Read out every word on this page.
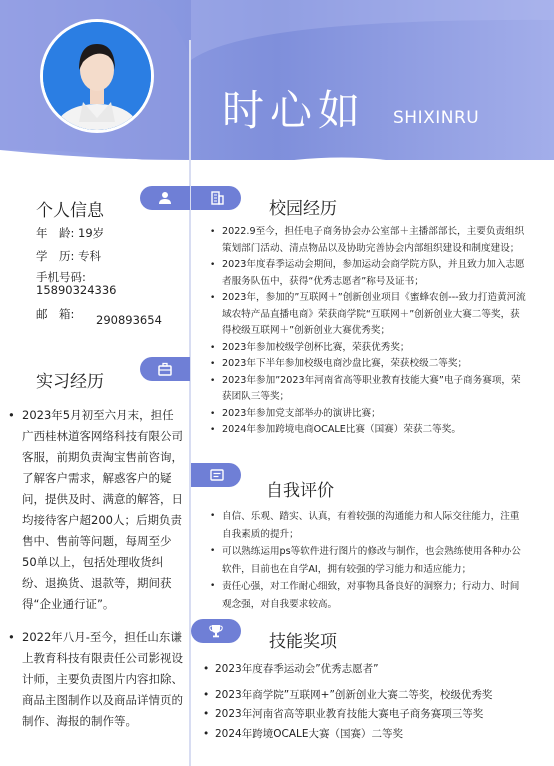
时心如 SHIXINRU
个人信息
年　龄: 19岁
学　历: 专科
手机号码:
15890324336
邮　箱: 290893654
实习经历
• 2023年5月初至六月末，担任广西桂林道客网络科技有限公司客服，前期负责淘宝售前咨询，了解客户需求，解惑客户的疑问，提供及时、满意的解答，日均接待客户超200人；后期负责售中、售前等问题，每周至少50单以上，包括处理收货纠纷、退换货、退款等，期间获得“企业通行证”。
• 2022年八月-至今，担任山东谦上教育科技有限责任公司影视设计师，主要负责图片内容扣除、商品主图制作以及商品详情页的制作、海报的制作等。
校园经历
• 2022.9至今，担任电子商务协会办公室部＋主播部部长，主要负责组织策划部门活动、清点物品以及协助完善协会内部组织建设和制度建设；
• 2023年度春季运动会期间，参加运动会商学院方队，并且致力加入志愿者服务队伍中，获得“优秀志愿者”称号及证书；
• 2023年，参加的”互联网＋”创新创业项目《蜜蜂农创---致力打造黄河流域农特产品直播电商》荣获商学院“互联网＋”创新创业大赛二等奖，获得校级互联网＋”创新创业大赛优秀奖；
• 2023年参加校级学创杯比赛，荣获优秀奖；
• 2023年下半年参加校级电商沙盘比赛，荣获校级二等奖；
• 2023年参加”2023年河南省高等职业教育技能大赛”电子商务赛项，荣获团队三等奖；
• 2023年参加党支部举办的演讲比赛；
• 2024年参加跨境电商OCALE比赛（国赛）荣获二等奖。
自我评价
• 自信、乐观、踏实、认真，有着较强的沟通能力和人际交往能力，注重自我素质的提升；
• 可以熟练运用ps等软件进行图片的修改与制作，也会熟练使用各种办公软件，目前也在自学AI，拥有较强的学习能力和适应能力；
• 责任心强，对工作耐心细致，对事物具备良好的洞察力；行动力、时间观念强，对自我要求较高。
技能奖项
• 2023年度春季运动会”优秀志愿者”
• 2023年商学院”互联网+”创新创业大赛二等奖，校级优秀奖
• 2023年河南省高等职业教育技能大赛电子商务赛项三等奖
• 2024年跨境OCALE大赛（国赛）二等奖
